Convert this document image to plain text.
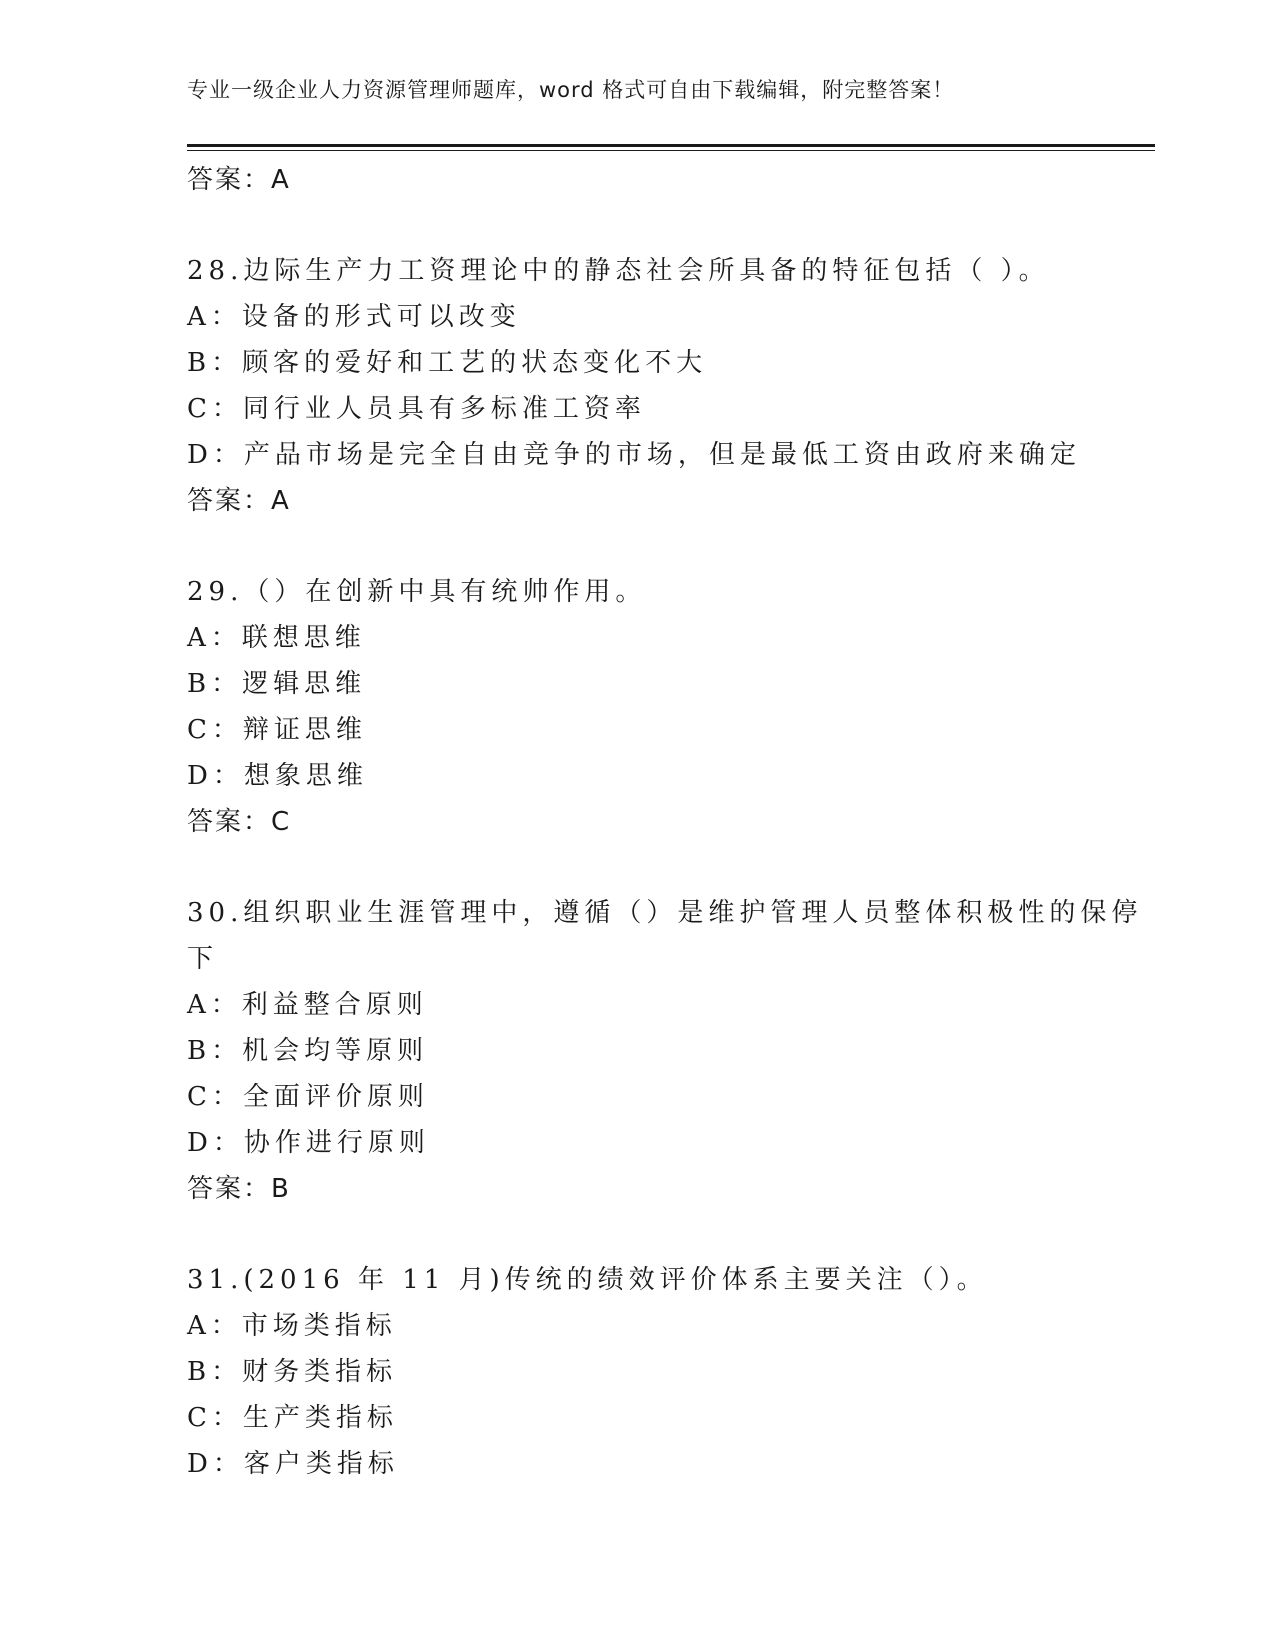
专业一级企业人力资源管理师题库，word 格式可自由下载编辑，附完整答案！
答案：A
28.边际生产力工资理论中的静态社会所具备的特征包括（ ）。
A：设备的形式可以改变
B：顾客的爱好和工艺的状态变化不大
C：同行业人员具有多标准工资率
D：产品市场是完全自由竞争的市场，但是最低工资由政府来确定
答案：A
29.（）在创新中具有统帅作用。
A：联想思维
B：逻辑思维
C：辩证思维
D：想象思维
答案：C
30.组织职业生涯管理中，遵循（）是维护管理人员整体积极性的保停
下
A：利益整合原则
B：机会均等原则
C：全面评价原则
D：协作进行原则
答案：B
31.(2016 年 11 月)传统的绩效评价体系主要关注（）。
A：市场类指标
B：财务类指标
C：生产类指标
D：客户类指标
